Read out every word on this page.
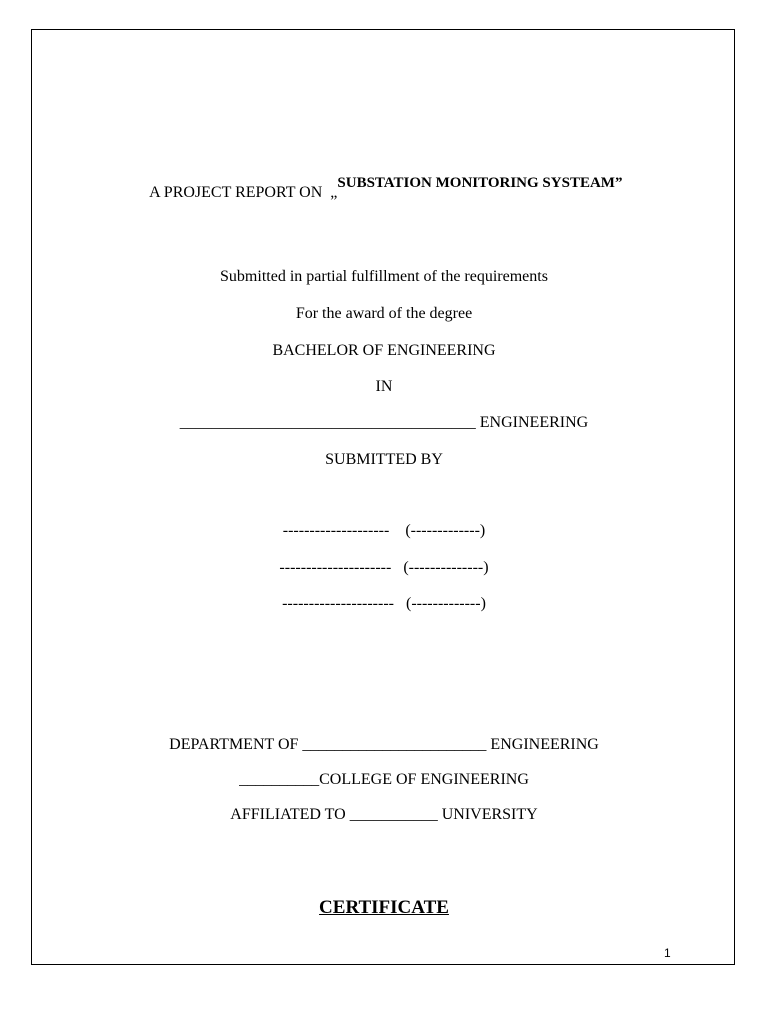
A PROJECT REPORT ON  „SUBSTATION MONITORING SYSTEAM”

Submitted in partial fulfillment of the requirements
For the award of the degree
BACHELOR OF ENGINEERING
IN
_____________________________________ ENGINEERING
SUBMITTED BY
--------------------    (-------------)
---------------------   (--------------)
---------------------   (-------------)
DEPARTMENT OF _______________________ ENGINEERING
__________COLLEGE OF ENGINEERING
AFFILIATED TO ___________ UNIVERSITY
CERTIFICATE
1
